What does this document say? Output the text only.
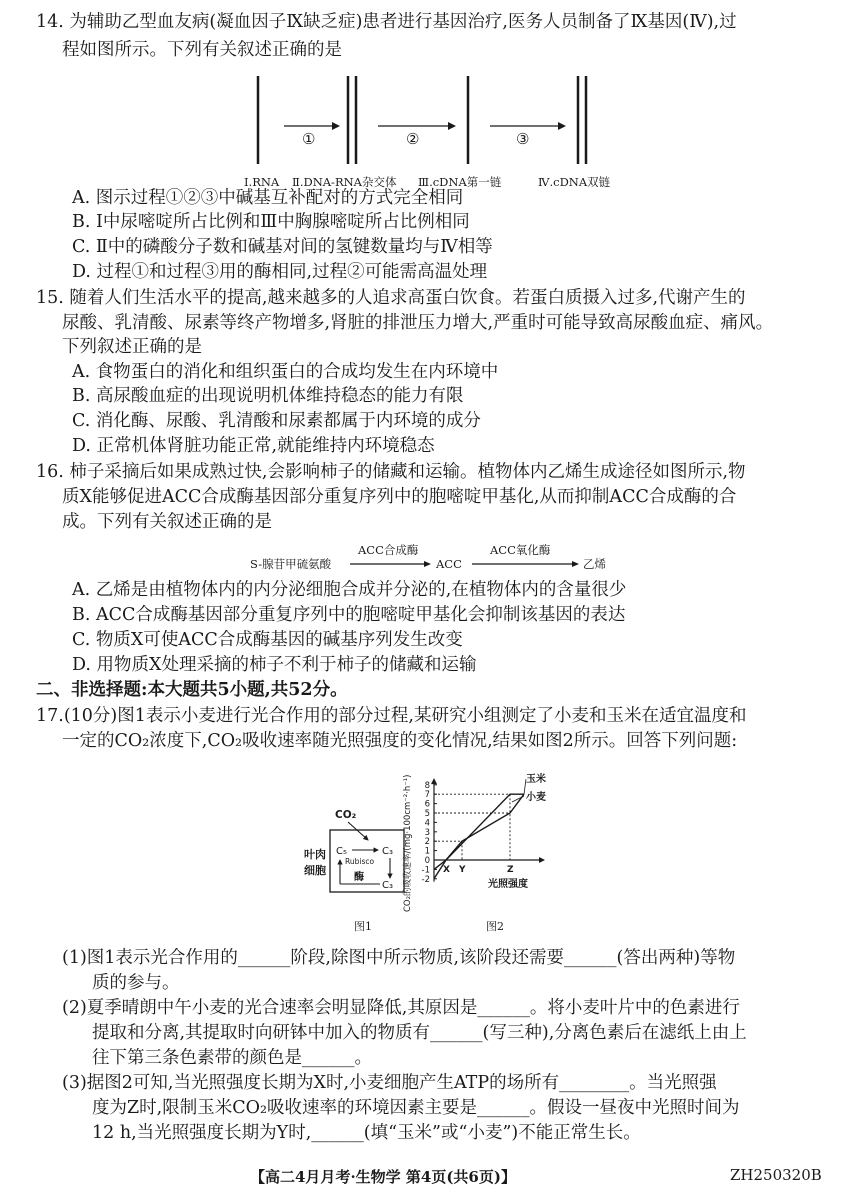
14. 为辅助乙型血友病(凝血因子Ⅸ缺乏症)患者进行基因治疗,医务人员制备了Ⅸ基因(Ⅳ),过
程如图所示。下列有关叙述正确的是
①	②	③
Ⅰ.RNA Ⅱ.DNA-RNA杂交体 Ⅲ.cDNA第一链	Ⅳ.cDNA双链
A. 图示过程①②③中碱基互补配对的方式完全相同
B. Ⅰ中尿嘧啶所占比例和Ⅲ中胸腺嘧啶所占比例相同
C. Ⅱ中的磷酸分子数和碱基对间的氢键数量均与Ⅳ相等
D. 过程①和过程③用的酶相同,过程②可能需高温处理
15. 随着人们生活水平的提高,越来越多的人追求高蛋白饮食。若蛋白质摄入过多,代谢产生的
尿酸、乳清酸、尿素等终产物增多,肾脏的排泄压力增大,严重时可能导致高尿酸血症、痛风。
下列叙述正确的是
A. 食物蛋白的消化和组织蛋白的合成均发生在内环境中
B. 高尿酸血症的出现说明机体维持稳态的能力有限
C. 消化酶、尿酸、乳清酸和尿素都属于内环境的成分
D. 正常机体肾脏功能正常,就能维持内环境稳态
16. 柿子采摘后如果成熟过快,会影响柿子的储藏和运输。植物体内乙烯生成途径如图所示,物
质X能够促进ACC合成酶基因部分重复序列中的胞嘧啶甲基化,从而抑制ACC合成酶的合
成。下列有关叙述正确的是
S-腺苷甲硫氨酸
ACC合成酶
ACC
ACC氧化酶
乙烯
A. 乙烯是由植物体内的内分泌细胞合成并分泌的,在植物体内的含量很少
B. ACC合成酶基因部分重复序列中的胞嘧啶甲基化会抑制该基因的表达
C. 物质X可使ACC合成酶基因的碱基序列发生改变
D. 用物质X处理采摘的柿子不利于柿子的储藏和运输
二、非选择题:本大题共5小题,共52分。
17.(10分)图1表示小麦进行光合作用的部分过程,某研究小组测定了小麦和玉米在适宜温度和
一定的CO₂浓度下,CO₂吸收速率随光照强度的变化情况,结果如图2所示。回答下列问题:
CO₂
叶肉
细胞
C₅	C₃
Rubisco
酶
C₃
图1
CO₂的吸收速率/(mg·100cm⁻²·h⁻¹) 8
7
6
5
4
3
2
1
0
-1
-2
X Y	Z
光照强度
玉米
小麦
图2
(1)图1表示光合作用的______阶段,除图中所示物质,该阶段还需要______(答出两种)等物
质的参与。
(2)夏季晴朗中午小麦的光合速率会明显降低,其原因是______。将小麦叶片中的色素进行
提取和分离,其提取时向研钵中加入的物质有______(写三种),分离色素后在滤纸上由上
往下第三条色素带的颜色是______。
(3)据图2可知,当光照强度长期为X时,小麦细胞产生ATP的场所有________。当光照强
度为Z时,限制玉米CO₂吸收速率的环境因素主要是______。假设一昼夜中光照时间为
12 h,当光照强度长期为Y时,______(填“玉米”或“小麦”)不能正常生长。
【高二4月月考·生物学 第4页(共6页)】	ZH250320B
